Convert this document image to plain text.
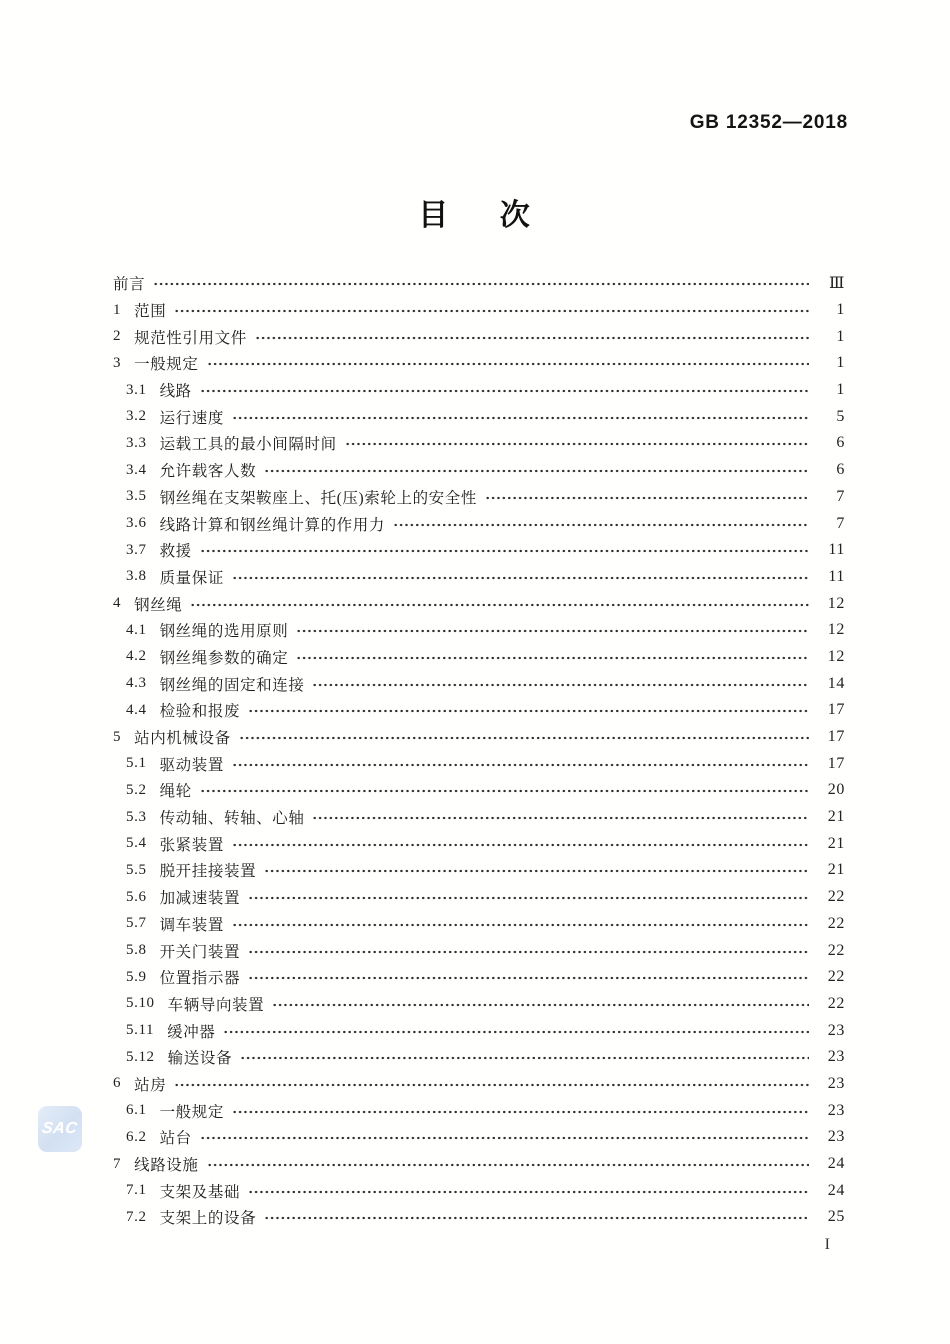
GB 12352—2018
目 次
前言	Ⅲ
1 范围	1
2 规范性引用文件	1
3 一般规定	1
3.1 线路	1
3.2 运行速度	5
3.3 运载工具的最小间隔时间	6
3.4 允许载客人数	6
3.5 钢丝绳在支架鞍座上、托(压)索轮上的安全性	7
3.6 线路计算和钢丝绳计算的作用力	7
3.7 救援	11
3.8 质量保证	11
4 钢丝绳	12
4.1 钢丝绳的选用原则	12
4.2 钢丝绳参数的确定	12
4.3 钢丝绳的固定和连接	14
4.4 检验和报废	17
5 站内机械设备	17
5.1 驱动装置	17
5.2 绳轮	20
5.3 传动轴、转轴、心轴	21
5.4 张紧装置	21
5.5 脱开挂接装置	21
5.6 加减速装置	22
5.7 调车装置	22
5.8 开关门装置	22
5.9 位置指示器	22
5.10 车辆导向装置	22
5.11 缓冲器	23
5.12 输送设备	23
6 站房	23
6.1 一般规定	23
6.2 站台	23
7 线路设施	24
7.1 支架及基础	24
7.2 支架上的设备	25
SAC
I
